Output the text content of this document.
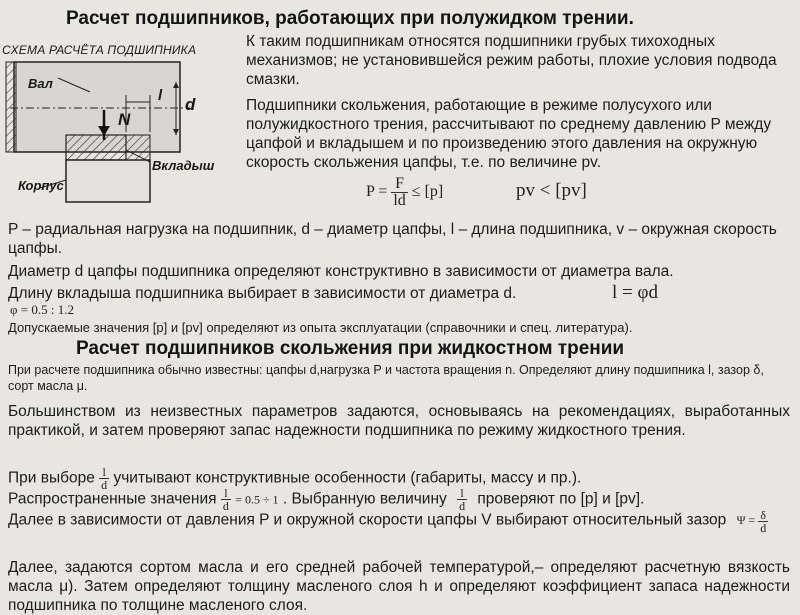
Расчет подшипников, работающих при полужидком трении.
СХЕМА РАСЧЁТА ПОДШИПНИКА
Вал
N
l d
Вкладыш
Корпус
К таким подшипникам относятся подшипники грубых тихоходных механизмов; не установившейся режим работы, плохие условия подвода смазки.
Подшипники скольжения, работающие в режиме полусухого или полужидкостного трения, рассчитывают по среднему давлению P между цапфой и вкладышем и по произведению этого давления на окружную скорость скольжения цапфы, т.е. по величине pv.
$P = \frac{F}{ld} \le [p]$	pv < [pv]
P – радиальная нагрузка на подшипник, d – диаметр цапфы, l – длина подшипника, v – окружная скорость цапфы.
Диаметр d цапфы подшипника определяют конструктивно в зависимости от диаметра вала.
Длину вкладыша подшипника выбирает в зависимости от диаметра d.	l = φd
φ = 0.5 : 1.2
Допускаемые значения [p] и [pv] определяют из опыта эксплуатации (справочники и спец. литература).
Расчет подшипников скольжения при жидкостном трении
При расчете подшипника обычно известны: цапфы d,нагрузка P и частота вращения n. Определяют длину подшипника l, зазор δ, сорт масла μ.
Большинством из неизвестных параметров задаются, основываясь на рекомендациях, выработанных практикой, и затем проверяют запас надежности подшипника по режиму жидкостного трения.
При выборе $\frac{l}{d}$ учитывают конструктивные особенности (габариты, массу и пр.).
Распространенные значения $\frac{l}{d} = 0.5 \div 1$ . Выбранную величину $\frac{l}{d}$ проверяют по [p] и [pv].
Далее в зависимости от давления P и окружной скорости цапфы V выбирают относительный зазор $\Psi = \frac{\delta}{d}$
Далее, задаются сортом масла и его средней рабочей температурой,– определяют расчетную вязкость масла μ). Затем определяют толщину масленого слоя h и определяют коэффициент запаса надежности подшипника по толщине масленого слоя.
